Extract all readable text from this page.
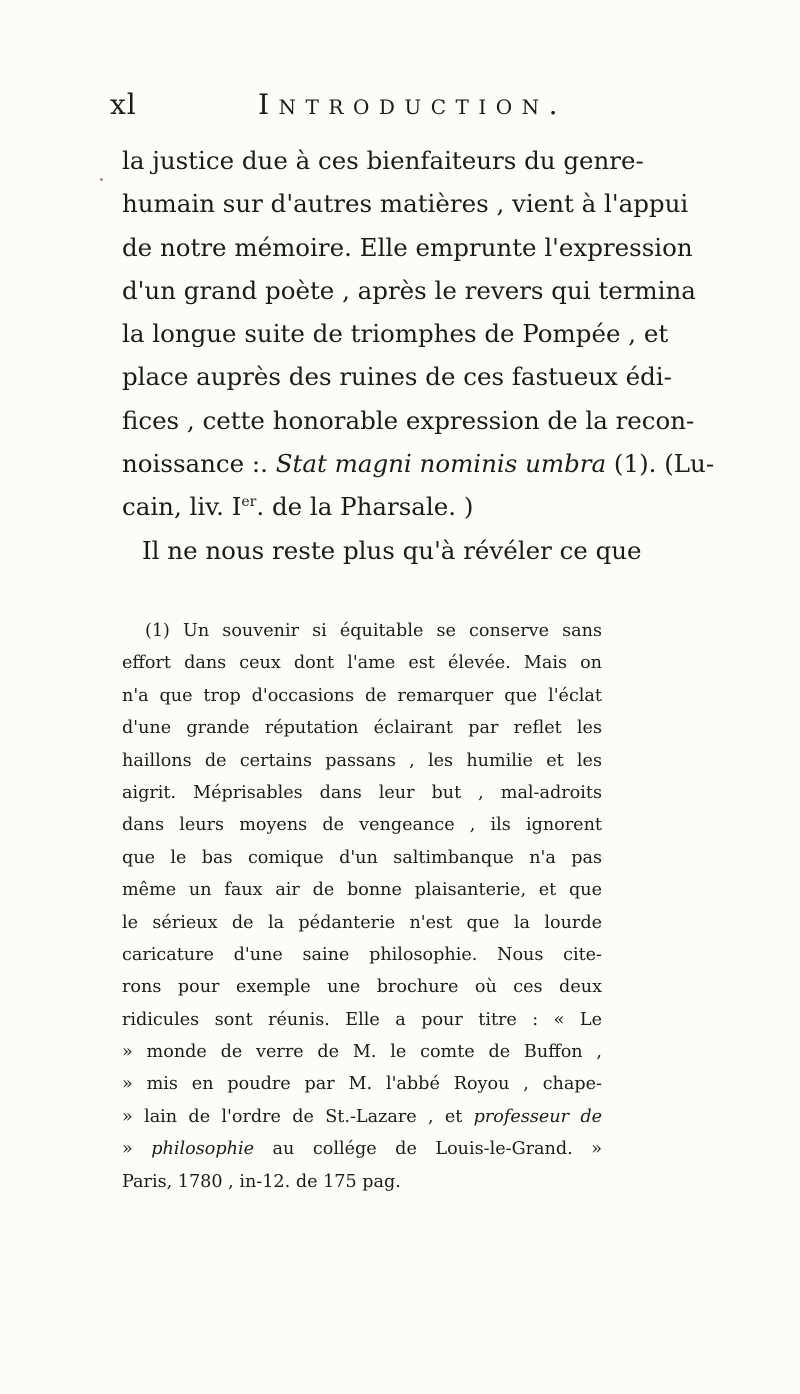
xl	Introduction.
la justice due à ces bienfaiteurs du genre-
humain sur d'autres matières , vient à l'appui
de notre mémoire. Elle emprunte l'expression
d'un grand poète , après le revers qui termina
la longue suite de triomphes de Pompée , et
place auprès des ruines de ces fastueux édi-
fices , cette honorable expression de la recon-
noissance :. Stat magni nominis umbra (1). (Lu-
cain, liv. Ier. de la Pharsale. )
Il ne nous reste plus qu'à révéler ce que
(1) Un souvenir si équitable se conserve sans
effort dans ceux dont l'ame est élevée. Mais on
n'a que trop d'occasions de remarquer que l'éclat
d'une grande réputation éclairant par reflet les
haillons de certains passans , les humilie et les
aigrit. Méprisables dans leur but , mal-adroits
dans leurs moyens de vengeance , ils ignorent
que le bas comique d'un saltimbanque n'a pas
même un faux air de bonne plaisanterie, et que
le sérieux de la pédanterie n'est que la lourde
caricature d'une saine philosophie. Nous cite-
rons pour exemple une brochure où ces deux
ridicules sont réunis. Elle a pour titre : « Le
» monde de verre de M. le comte de Buffon ,
» mis en poudre par M. l'abbé Royou , chape-
» lain de l'ordre de St.-Lazare , et professeur de
» philosophie au collége de Louis-le-Grand. »
Paris, 1780 , in-12. de 175 pag.
